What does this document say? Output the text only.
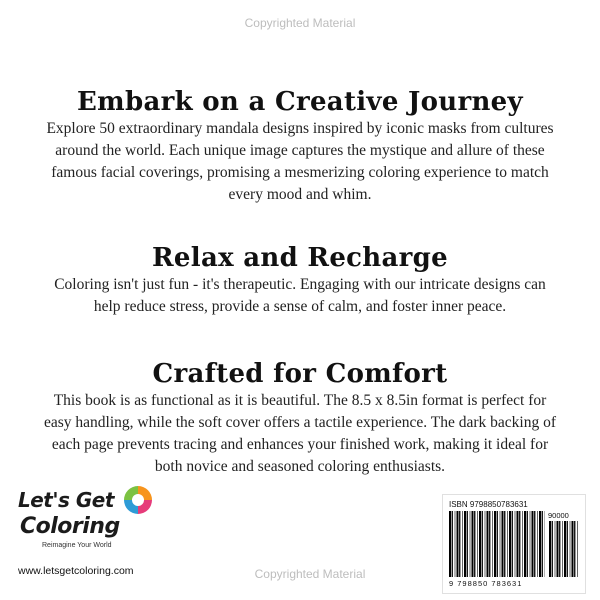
Copyrighted Material
Embark on a Creative Journey

Explore 50 extraordinary mandala designs inspired by iconic masks from cultures
around the world. Each unique image captures the mystique and allure of these
famous facial coverings, promising a mesmerizing coloring experience to match
every mood and whim.

Relax and Recharge

Coloring isn't just fun - it's therapeutic. Engaging with our intricate designs can
help reduce stress, provide a sense of calm, and foster inner peace.

Crafted for Comfort

This book is as functional as it is beautiful. The 8.5 x 8.5in format is perfect for
easy handling, while the soft cover offers a tactile experience. The dark backing of
each page prevents tracing and enhances your finished work, making it ideal for
both novice and seasoned coloring enthusiasts.

Let's Get
Coloring
Reimagine Your World
www.letsgetcoloring.com	Copyrighted Material
ISBN 9798850783631
90000
9 798850 783631
